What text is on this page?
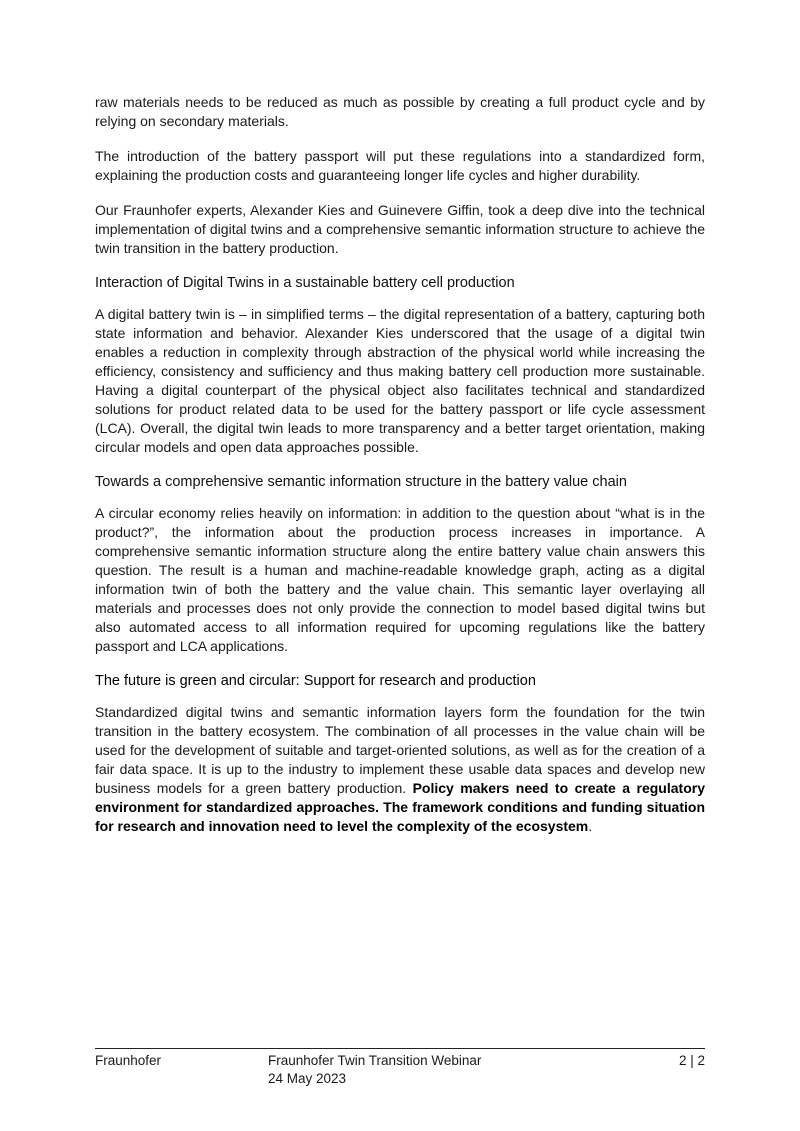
raw materials needs to be reduced as much as possible by creating a full product cycle and by relying on secondary materials.

The introduction of the battery passport will put these regulations into a standardized form, explaining the production costs and guaranteeing longer life cycles and higher durability.

Our Fraunhofer experts, Alexander Kies and Guinevere Giffin, took a deep dive into the technical implementation of digital twins and a comprehensive semantic information structure to achieve the twin transition in the battery production.

Interaction of Digital Twins in a sustainable battery cell production

A digital battery twin is – in simplified terms – the digital representation of a battery, capturing both state information and behavior. Alexander Kies underscored that the usage of a digital twin enables a reduction in complexity through abstraction of the physical world while increasing the efficiency, consistency and sufficiency and thus making battery cell production more sustainable. Having a digital counterpart of the physical object also facilitates technical and standardized solutions for product related data to be used for the battery passport or life cycle assessment (LCA). Overall, the digital twin leads to more transparency and a better target orientation, making circular models and open data approaches possible.

Towards a comprehensive semantic information structure in the battery value chain

A circular economy relies heavily on information: in addition to the question about “what is in the product?”, the information about the production process increases in importance. A comprehensive semantic information structure along the entire battery value chain answers this question. The result is a human and machine-readable knowledge graph, acting as a digital information twin of both the battery and the value chain. This semantic layer overlaying all materials and processes does not only provide the connection to model based digital twins but also automated access to all information required for upcoming regulations like the battery passport and LCA applications.

The future is green and circular: Support for research and production

Standardized digital twins and semantic information layers form the foundation for the twin transition in the battery ecosystem. The combination of all processes in the value chain will be used for the development of suitable and target-oriented solutions, as well as for the creation of a fair data space. It is up to the industry to implement these usable data spaces and develop new business models for a green battery production. Policy makers need to create a regulatory environment for standardized approaches. The framework conditions and funding situation for research and innovation need to level the complexity of the ecosystem.

Fraunhofer	Fraunhofer Twin Transition Webinar
24 May 2023
2 | 2
